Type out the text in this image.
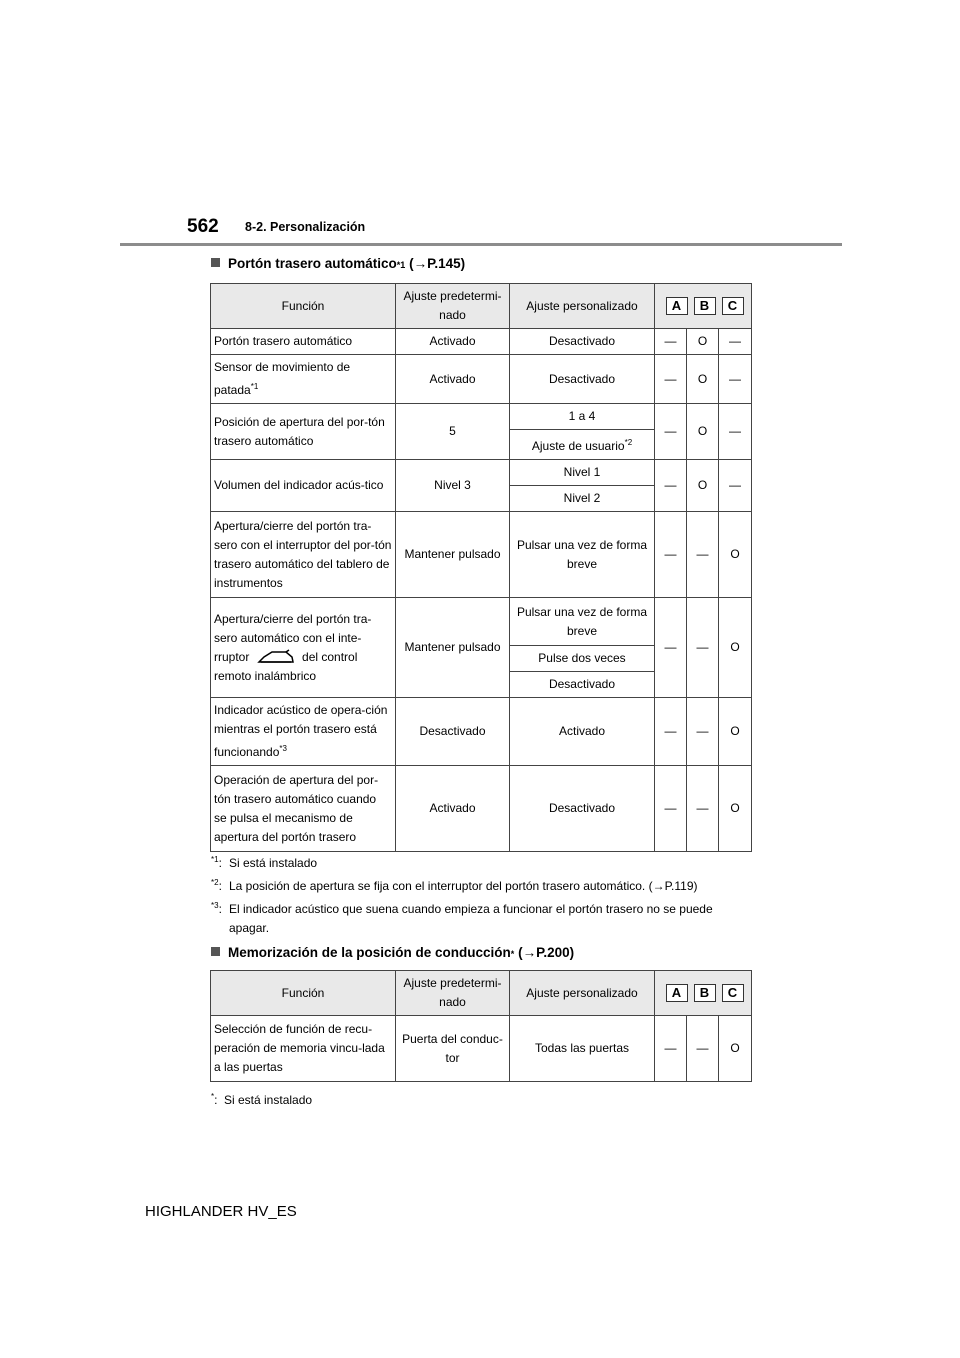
562 8-2. Personalización
Portón trasero automático *1
( → P.145)
Función	Ajuste predetermi-nado	Ajuste personalizado	A B C		
Portón trasero automático	Activado	Desactivado	—	O	—
Sensor de movimiento de patada$^{*1}$	Activado	Desactivado	—	O	—
Posición de apertura del por-tón trasero automático	5	1 a 4	—	O	—
		Ajuste de usuario$^{*2}$
Volumen del indicador acús-tico	Nivel 3	Nivel 1	—	O	—
		Nivel 2			
Apertura/cierre del portón tra-sero con el interruptor del por-tón trasero automático del tablero de instrumentos	Mantener pulsado	Pulsar una vez de forma breve	—	—	O
Apertura/cierre del portón tra-sero automático con el inte-rruptor del control remoto inalámbrico	Mantener pulsado	Pulsar una vez de forma breve	—	—	O
		Pulse dos veces			
		Desactivado			
Indicador acústico de opera-ción mientras el portón trasero está funcionando$^{*3}$	Desactivado	Activado	—	—	O
Operación de apertura del por-tón trasero automático cuando se pulsa el mecanismo de apertura del portón trasero	Activado	Desactivado	—	—	O
$^{*1}$: Si está instalado
$^{*2}$: La posición de apertura se fija con el interruptor del portón trasero automático. (→P.119)
$^{*3}$: El indicador acústico que suena cuando empieza a funcionar el portón trasero no se puede
apagar.
Memorización de la posición de conducción *
( → P.200)
Función	Ajuste predetermi-nado	Ajuste personalizado	A B C		
Selección de función de recu-peración de memoria vincu-lada a las puertas	Puerta del conduc-tor	Todas las puertas	—	—	O
*: Si está instalado
HIGHLANDER HV_ES
